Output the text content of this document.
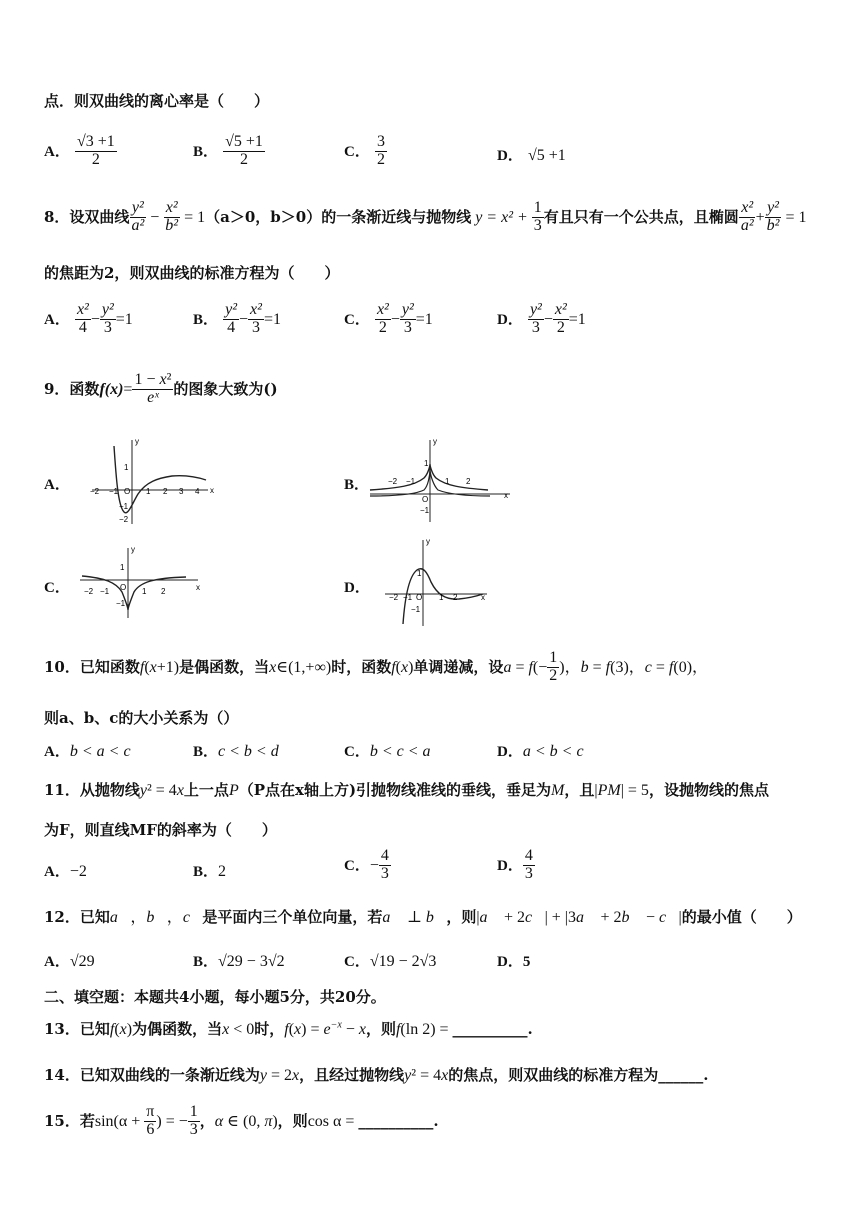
点．则双曲线的离心率是（　　）
A． $\frac{√3 +1}{2}$	B． $\frac{√5 +1}{2}$	C． $\frac{3}{2}$	D． √5 +1
8．设双曲线 $\frac{\text{y²}}{\text{a²}} - \frac{\text{x²}}{\text{b²}} = 1(a>0$，b＞0）的一条渐近线与抛物线 $y = x^2 + \frac{1}{3}$ 有且只有一个公共点，且椭圆 $\frac{\text{x²}}{\text{a²}} + \frac{\text{y²}}{\text{b²}} = 1$
的焦距为2，则双曲线的标准方程为（　　）
A． $\frac{\text{x²}}{4} - \frac{\text{y²}}{3} =1$	B． $\frac{\text{y²}}{4} - \frac{\text{x²}}{3} =1$	C． $\frac{\text{x²}}{2} - \frac{\text{y²}}{3} =1$	D． $\frac{\text{y²}}{3} - \frac{\text{x²}}{2} =1$
9．函数$f(x)= \frac{\text{1 − x²}}{\text{eˣ}}$ 的图象大致为()
A．	−2 −1 O 1 2 3 4 x
1
−1
−2
y
B． −2 −1	1 2
O
−1
1
x
y
C． −2 −1 O 1 2
1
−1
x
y
D．
−2 −1 O 1 2
1
−1
x
y
10．已知函数f(x+1)是偶函数，当x∈(1,+∞)时，函数f(x)单调递减，设$a = f(- \frac{1}{2}$ )，b = f(3)，c = f(0)，
则a、b、c的大小关系为（）
A．b < a < c	B．c < b < d	C．b < c < a	D．a < b < c
11．从抛物线y² = 4x上一点P（P点在x轴上方)引抛物线准线的垂线，垂足为M，且|PM| = 5，设抛物线的焦点
为F，则直线MF的斜率为（　　）
A．−2	B．2	C．− $\frac{4}{3}$	D． $\frac{4}{3}$
12．已知a⃗，b⃗，c⃗是平面内三个单位向量，若a⃗ ⊥ b⃗，则|a⃗ + 2c⃗| + |3a⃗ + 2b⃗ − c⃗|的最小值（　　）
A．√29	B．√29 − 3√2	C．√19 − 2√3	D．5
二、填空题：本题共4小题，每小题5分，共20分。
13．已知f(x)为偶函数，当x < 0时，$f(x) = e^{-x} - x$，则f(ln 2) = __________.
14．已知双曲线的一条渐近线为y = 2x，且经过抛物线y² = 4x的焦点，则双曲线的标准方程为______.
15．若$\sin(\alpha + \frac{\pi}{6}$ ) = − $\frac{1}{3}$ ，α ∈ (0, π)，则cos α = __________.
